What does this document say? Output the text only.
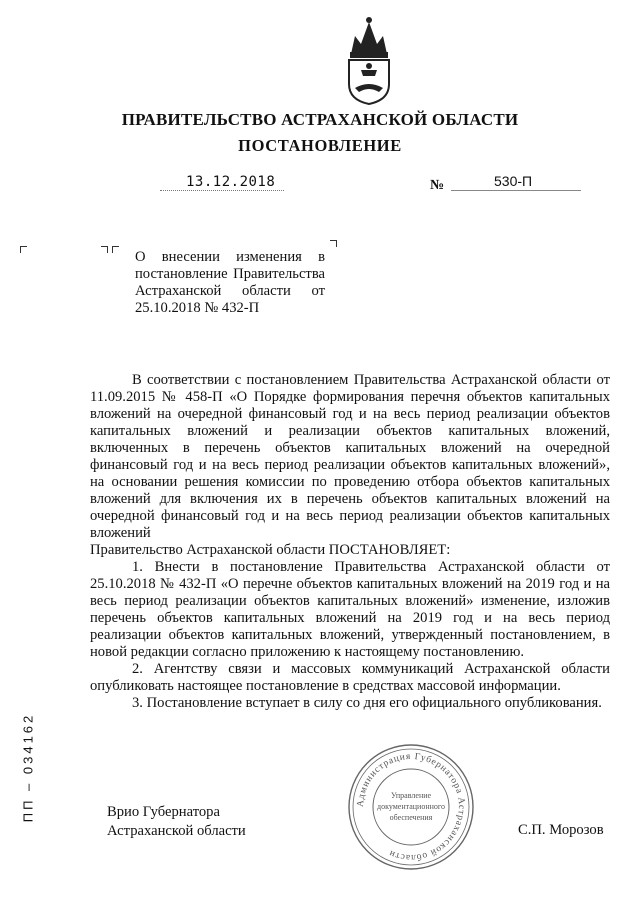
ПРАВИТЕЛЬСТВО АСТРАХАНСКОЙ ОБЛАСТИ
ПОСТАНОВЛЕНИЕ
13.12.2018	№	530-П
О внесении изменения в постановление Правительства Астраханской области от 25.10.2018 № 432-П

В соответствии с постановлением Правительства Астраханской области от 11.09.2015 № 458-П «О Порядке формирования перечня объектов капитальных вложений на очередной финансовый год и на весь период реализации объектов капитальных вложений и реализации объектов капитальных вложений, включенных в перечень объектов капитальных вложений на очередной финансовый год и на весь период реализации объектов капитальных вложений», на основании решения комиссии по проведению отбора объектов капитальных вложений для включения их в перечень объектов капитальных вложений на очередной финансовый год и на весь период реализации объектов капитальных вложений

Правительство Астраханской области ПОСТАНОВЛЯЕТ:

1. Внести в постановление Правительства Астраханской области от 25.10.2018 № 432-П «О перечне объектов капитальных вложений на 2019 год и на весь период реализации объектов капитальных вложений» изменение, изложив перечень объектов капитальных вложений на 2019 год и на весь период реализации объектов капитальных вложений, утвержденный постановлением, в новой редакции согласно приложению к настоящему постановлению.

2. Агентству связи и массовых коммуникаций Астраханской области опубликовать настоящее постановление в средствах массовой информации.

3. Постановление вступает в силу со дня его официального опубликования.

Администрация Губернатора Астраханской области
Управление
документационного
обеспечения
Врио Губернатора
Астраханской области	С.П. Морозов
ПП – 034162
